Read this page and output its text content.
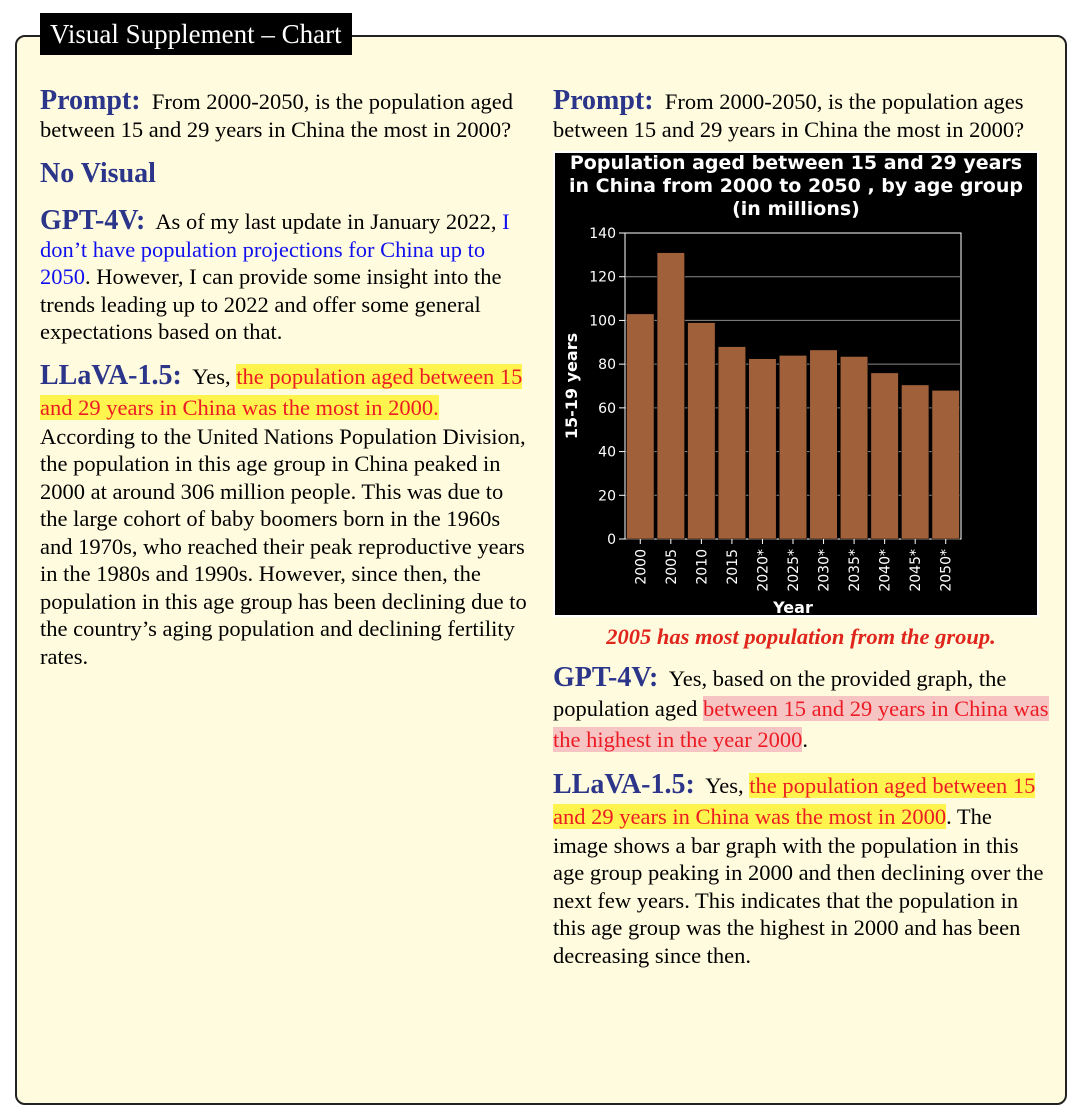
Visual Supplement – Chart

Prompt: From 2000-2050, is the population aged between 15 and 29 years in China the most in 2000?

No Visual

GPT-4V: As of my last update in January 2022, I don’t have population projections for China up to 2050. However, I can provide some insight into the trends leading up to 2022 and offer some general expectations based on that.

LLaVA-1.5: Yes, the population aged between 15 and 29 years in China was the most in 2000. According to the United Nations Population Division, the population in this age group in China peaked in 2000 at around 306 million people. This was due to the large cohort of baby boomers born in the 1960s and 1970s, who reached their peak reproductive years in the 1980s and 1990s. However, since then, the population in this age group has been declining due to the country’s aging population and declining fertility rates.

Prompt: From 2000-2050, is the population ages between 15 and 29 years in China the most in 2000?

Population aged between 15 and 29 years
in China from 2000 to 2050 , by age group
(in millions)
0
20
40
60
80
100
120
140
2000 2005 2010 2015 2020* 2025* 2030* 2035* 2040* 2045* 2050*
Year
15-19 years
2005 has most population from the group.

GPT-4V: Yes, based on the provided graph, the population aged between 15 and 29 years in China was the highest in the year 2000.

LLaVA-1.5: Yes, the population aged between 15 and 29 years in China was the most in 2000. The image shows a bar graph with the population in this age group peaking in 2000 and then declining over the next few years. This indicates that the population in this age group was the highest in 2000 and has been decreasing since then.
